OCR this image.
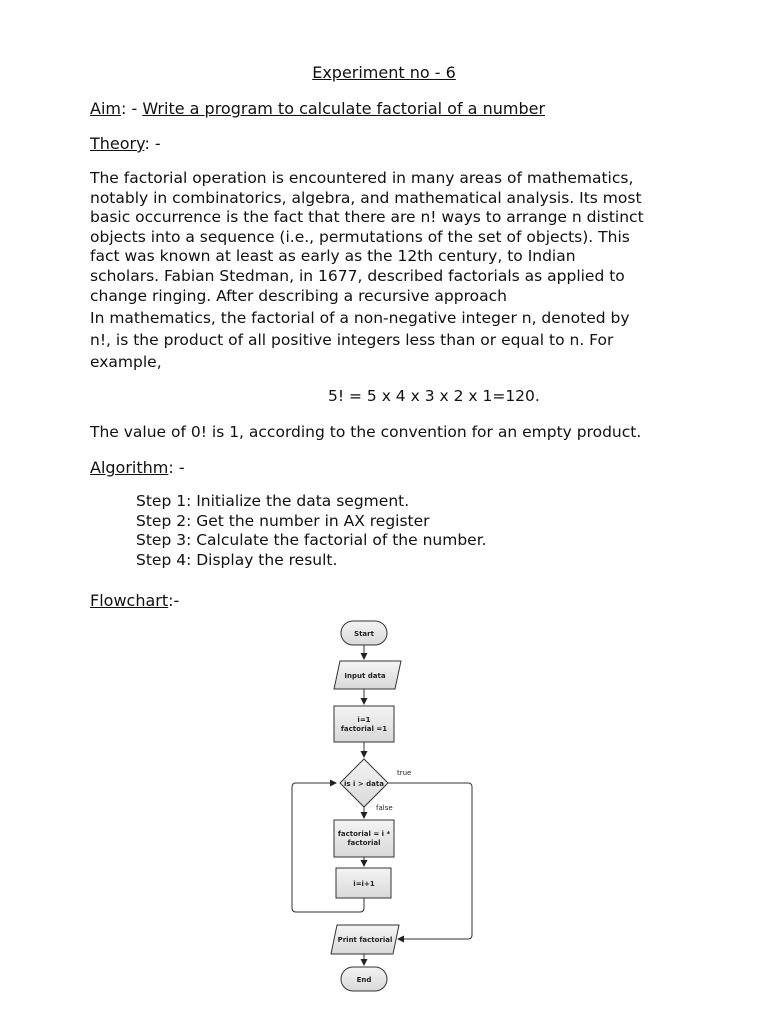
Experiment no - 6
Aim: - Write a program to calculate factorial of a number
Theory: -
The factorial operation is encountered in many areas of mathematics,
notably in combinatorics, algebra, and mathematical analysis. Its most
basic occurrence is the fact that there are n! ways to arrange n distinct
objects into a sequence (i.e., permutations of the set of objects). This
fact was known at least as early as the 12th century, to Indian
scholars. Fabian Stedman, in 1677, described factorials as applied to
change ringing. After describing a recursive approach
In mathematics, the factorial of a non-negative integer n, denoted by
n!, is the product of all positive integers less than or equal to n. For
example,
5! = 5 x 4 x 3 x 2 x 1=120.
The value of 0! is 1, according to the convention for an empty product.
Algorithm: -
Step 1: Initialize the data segment.
Step 2: Get the number in AX register
Step 3: Calculate the factorial of the number.
Step 4: Display the result.
Flowchart:-
Start
Input data
i=1
factorial =1
is i > data
true
false
factorial = i *
factorial
i=i+1
Print factorial
End
